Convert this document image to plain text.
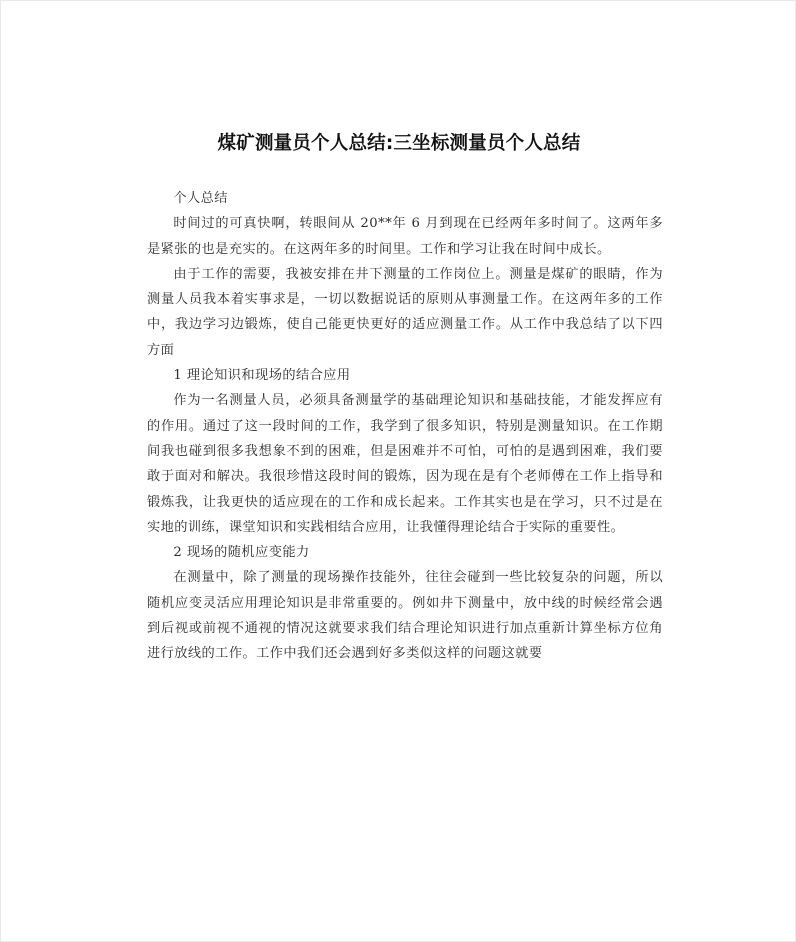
煤矿测量员个人总结:三坐标测量员个人总结

个人总结

时间过的可真快啊，转眼间从 20**年 6 月到现在已经两年多时间了。这两年多是紧张的也是充实的。在这两年多的时间里。工作和学习让我在时间中成长。

由于工作的需要，我被安排在井下测量的工作岗位上。测量是煤矿的眼睛，作为测量人员我本着实事求是，一切以数据说话的原则从事测量工作。在这两年多的工作中，我边学习边锻炼，使自己能更快更好的适应测量工作。从工作中我总结了以下四方面

1 理论知识和现场的结合应用

作为一名测量人员，必须具备测量学的基础理论知识和基础技能，才能发挥应有的作用。通过了这一段时间的工作，我学到了很多知识，特别是测量知识。在工作期间我也碰到很多我想象不到的困难，但是困难并不可怕，可怕的是遇到困难，我们要敢于面对和解决。我很珍惜这段时间的锻炼，因为现在是有个老师傅在工作上指导和锻炼我，让我更快的适应现在的工作和成长起来。工作其实也是在学习，只不过是在实地的训练，课堂知识和实践相结合应用，让我懂得理论结合于实际的重要性。

2 现场的随机应变能力

在测量中，除了测量的现场操作技能外，往往会碰到一些比较复杂的问题，所以随机应变灵活应用理论知识是非常重要的。例如井下测量中，放中线的时候经常会遇到后视或前视不通视的情况这就要求我们结合理论知识进行加点重新计算坐标方位角进行放线的工作。工作中我们还会遇到好多类似这样的问题这就要
